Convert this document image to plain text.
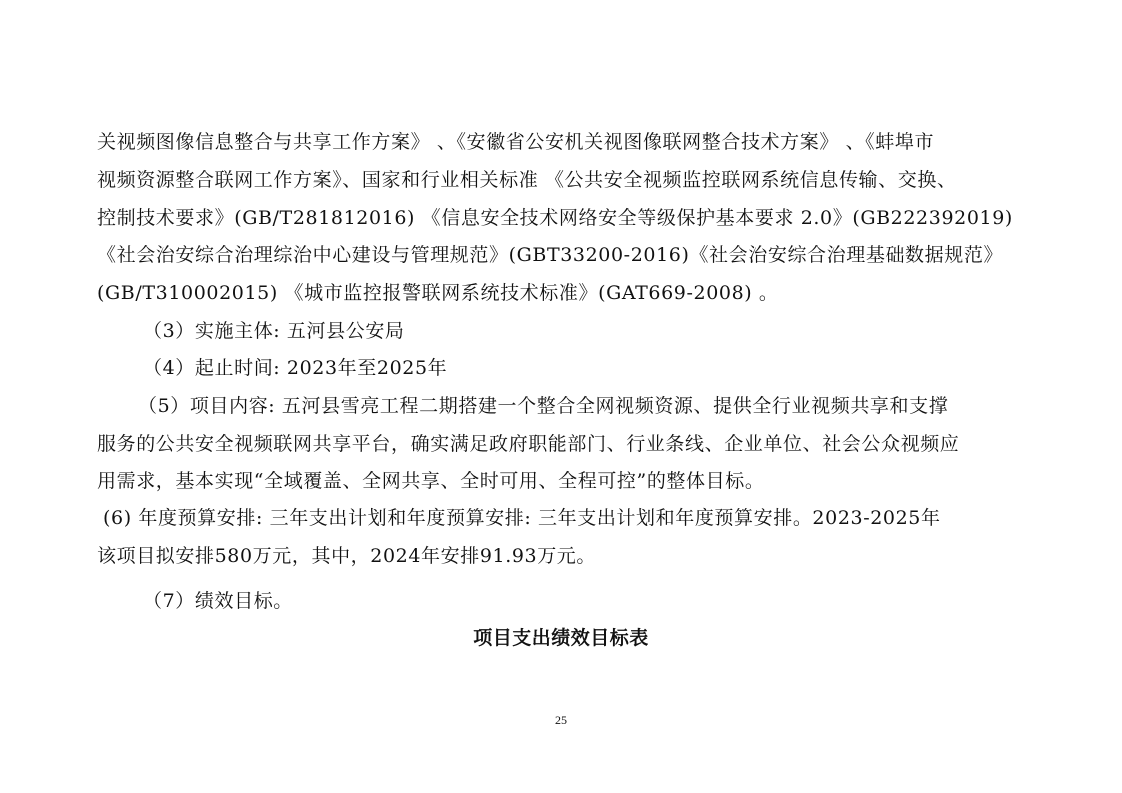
关视频图像信息整合与共享工作方案》 、《安徽省公安机关视图像联网整合技术方案》 、《蚌埠市
视频资源整合联网工作方案》、国家和行业相关标准 《公共安全视频监控联网系统信息传输、交换、
控制技术要求》(GB/T281812016) 《信息安全技术网络安全等级保护基本要求 2.0》(GB222392019)
《社会治安综合治理综治中心建设与管理规范》(GBT33200-2016)《社会治安综合治理基础数据规范》
(GB/T310002015) 《城市监控报警联网系统技术标准》(GAT669-2008) 。
（3）实施主体: 五河县公安局
（4）起止时间: 2023年至2025年
（5）项目内容: 五河县雪亮工程二期搭建一个整合全网视频资源、提供全行业视频共享和支撑
服务的公共安全视频联网共享平台，确实满足政府职能部门、行业条线、企业单位、社会公众视频应
用需求，基本实现“全域覆盖、全网共享、全时可用、全程可控”的整体目标。
(6) 年度预算安排: 三年支出计划和年度预算安排: 三年支出计划和年度预算安排。2023-2025年
该项目拟安排580万元，其中，2024年安排91.93万元。
（7）绩效目标。
项目支出绩效目标表
25
